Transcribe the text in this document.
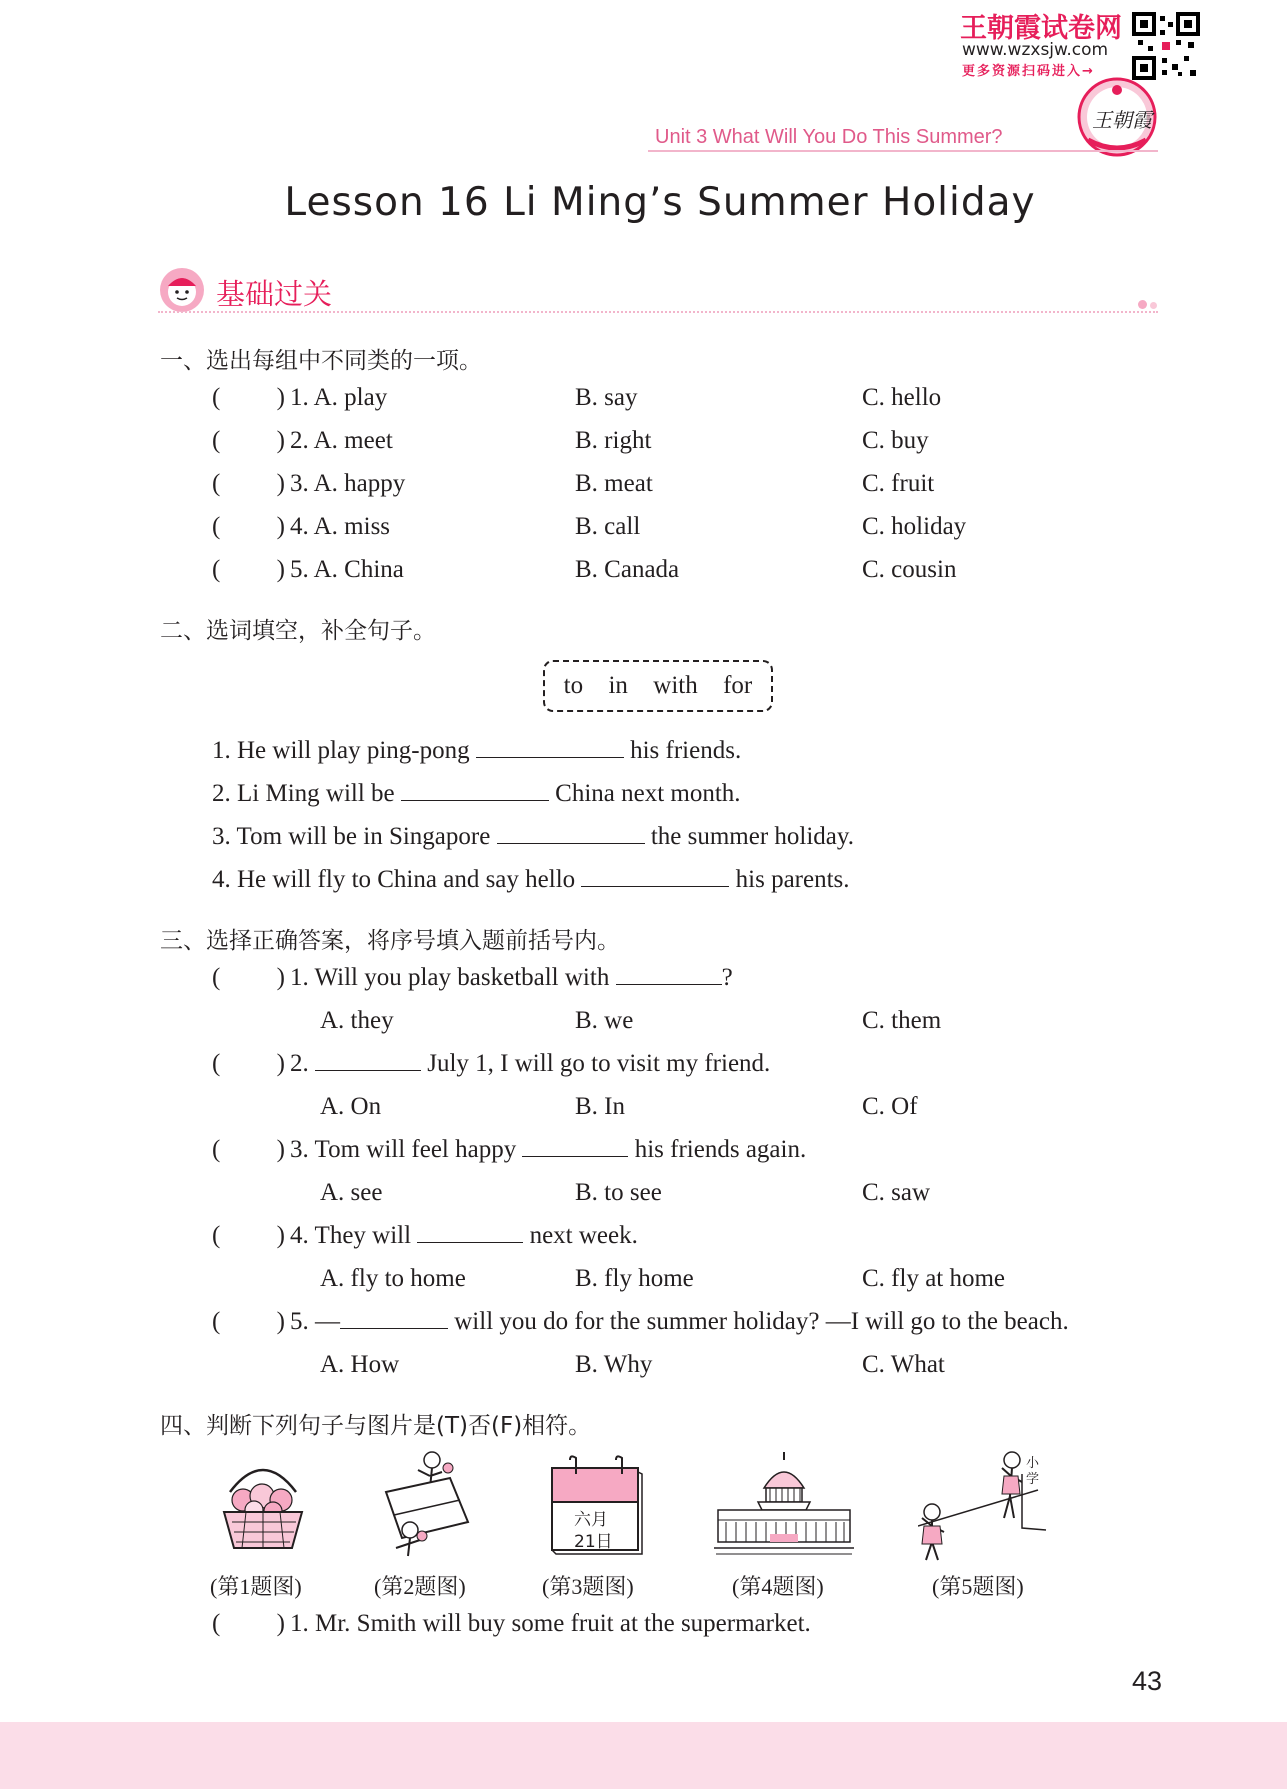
王朝霞试卷网
www.wzxsjw.com
更多资源扫码进入→
王朝霞
Unit 3 What Will You Do This Summer?
Lesson 16 Li Ming’s Summer Holiday
基础过关
一、选出每组中不同类的一项。
(         ) 1. A. play	B. say	C. hello
(         ) 2. A. meet	B. right	C. buy
(         ) 3. A. happy	B. meat	C. fruit
(         ) 4. A. miss	B. call	C. holiday
(         ) 5. A. China	B. Canada	C. cousin
二、选词填空，补全句子。
to in with for
1. He will play ping-pong	his friends.
2. Li Ming will be	China next month.
3. Tom will be in Singapore	the summer holiday.
4. He will fly to China and say hello	his parents.
三、选择正确答案，将序号填入题前括号内。
(         ) 1. Will you play basketball with	?
A. they	B. we	C. them
(         ) 2.	July 1, I will go to visit my friend.
A. On	B. In	C. Of
(         ) 3. Tom will feel happy	his friends again.
A. see	B. to see	C. saw
(         ) 4. They will	next week.
A. fly to home	B. fly home	C. fly at home
(         ) 5. —	will you do for the summer holiday? —I will go to the beach.
A. How	B. Why	C. What
四、判断下列句子与图片是(T)否(F)相符。
六月
21日
小学
(第1题图)	(第2题图)	(第3题图)	(第4题图)	(第5题图)
(         ) 1. Mr. Smith will buy some fruit at the supermarket.
43
